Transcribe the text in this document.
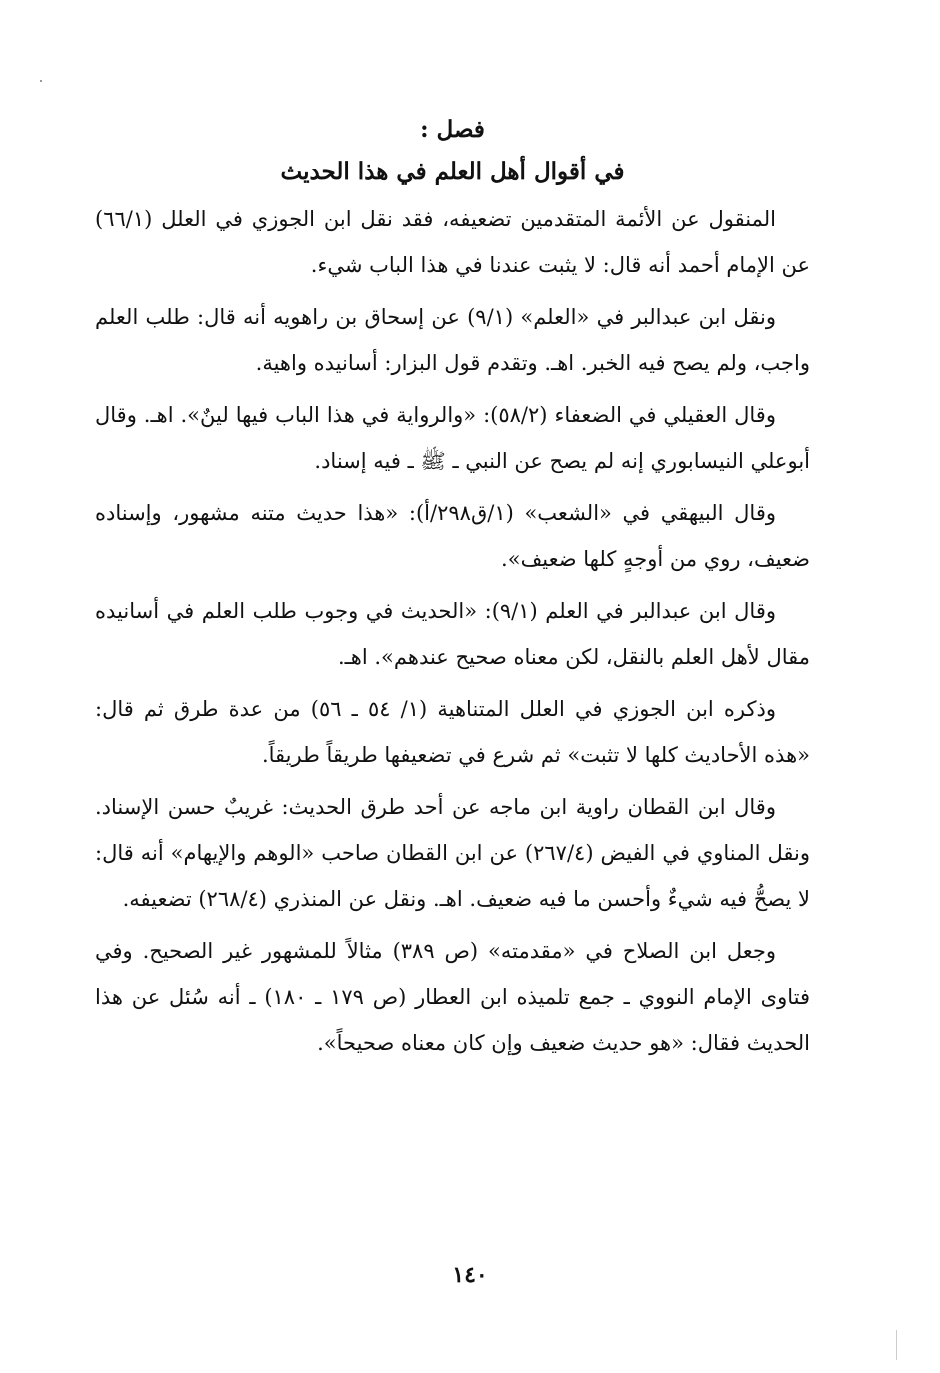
فصل :

في أقوال أهل العلم في هذا الحديث

المنقول عن الأئمة المتقدمين تضعيفه، فقد نقل ابن الجوزي في العلل (٦٦/١) عن الإمام أحمد أنه قال: لا يثبت عندنا في هذا الباب شيء.

ونقل ابن عبدالبر في «العلم» (٩/١) عن إسحاق بن راهويه أنه قال: طلب العلم واجب، ولم يصح فيه الخبر. اهـ. وتقدم قول البزار: أسانيده واهية.

وقال العقيلي في الضعفاء (٥٨/٢): «والرواية في هذا الباب فيها لينٌ». اهـ. وقال أبوعلي النيسابوري إنه لم يصح عن النبي ـ ﷺ ـ فيه إسناد.

وقال البيهقي في «الشعب» (١/ق٢٩٨/أ): «هذا حديث متنه مشهور، وإسناده ضعيف، روي من أوجهٍ كلها ضعيف».

وقال ابن عبدالبر في العلم (٩/١): «الحديث في وجوب طلب العلم في أسانيده مقال لأهل العلم بالنقل، لكن معناه صحيح عندهم». اهـ.

وذكره ابن الجوزي في العلل المتناهية (١/ ٥٤ ـ ٥٦) من عدة طرق ثم قال: «هذه الأحاديث كلها لا تثبت» ثم شرع في تضعيفها طريقاً طريقاً.

وقال ابن القطان راوية ابن ماجه عن أحد طرق الحديث: غريبٌ حسن الإسناد. ونقل المناوي في الفيض (٢٦٧/٤) عن ابن القطان صاحب «الوهم والإيهام» أنه قال: لا يصحُّ فيه شيءٌ وأحسن ما فيه ضعيف. اهـ. ونقل عن المنذري (٢٦٨/٤) تضعيفه.

وجعل ابن الصلاح في «مقدمته» (ص ٣٨٩) مثالاً للمشهور غير الصحيح. وفي فتاوى الإمام النووي ـ جمع تلميذه ابن العطار (ص ١٧٩ ـ ١٨٠) ـ أنه سُئل عن هذا الحديث فقال: «هو حديث ضعيف وإن كان معناه صحيحاً».

١٤٠
